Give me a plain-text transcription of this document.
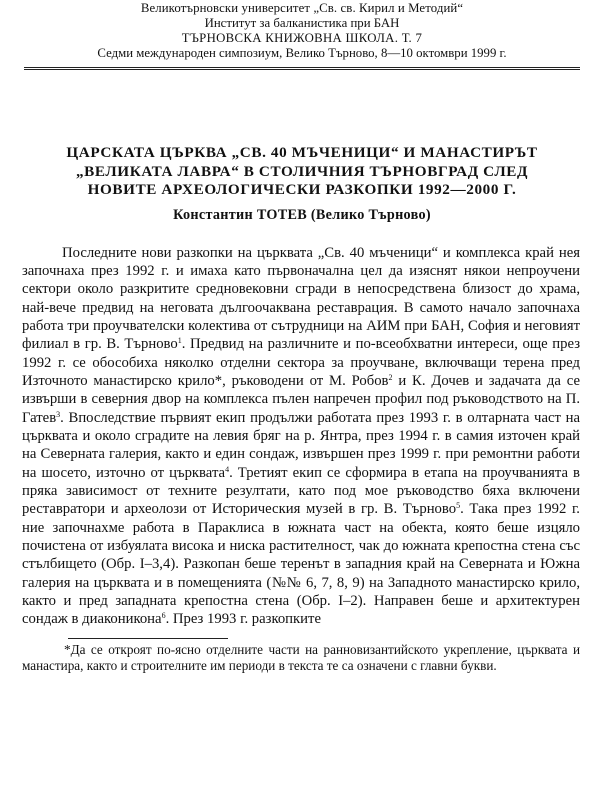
Великотърновски университет „Св. св. Кирил и Методий“
Институт за балканистика при БАН
ТЪРНОВСКА КНИЖОВНА ШКОЛА. Т. 7
Седми международен симпозиум, Велико Търново, 8—10 октомври 1999 г.
ЦАРСКАТА ЦЪРКВА „СВ. 40 МЪЧЕНИЦИ“ И МАНАСТИРЪТ
„ВЕЛИКАТА ЛАВРА“ В СТОЛИЧНИЯ ТЪРНОВГРАД СЛЕД
НОВИТЕ АРХЕОЛОГИЧЕСКИ РАЗКОПКИ 1992—2000 Г.
Константин ТОТЕВ (Велико Търново)
Последните нови разкопки на църквата „Св. 40 мъченици“ и комплекса край нея започнаха през 1992 г. и имаха като първоначална цел да изяснят някои непроучени сектори около разкритите средновековни сгради в непосредствена близост до храма, най-вече предвид на неговата дългоочаквана реставрация. В самото начало започнаха работа три проучвателски колектива от сътрудници на АИМ при БАН, София и неговият филиал в гр. В. Търново$^1$. Предвид на различните и по-всеобхватни интереси, още през 1992 г. се обособиха няколко отделни сектора за проучване, включващи терена пред Източното манастирско крило*, ръководени от М. Робов$^2$ и К. Дочев и задачата да се извърши в северния двор на комплекса пълен напречен профил под ръководството на П. Гатев$^3$. Впоследствие първият екип продължи работата през 1993 г. в олтарната част на църквата и около сградите на левия бряг на р. Янтра, през 1994 г. в самия източен край на Северната галерия, както и един сондаж, извършен през 1999 г. при ремонтни работи на шосето, източно от църквата$^4$. Третият екип се сформира в етапа на проучванията в пряка зависимост от техните резултати, като под мое ръководство бяха включени реставратори и археолози от Историческия музей в гр. В. Търново$^5$. Така през 1992 г. ние започнахме работа в Параклиса в южната част на обекта, която беше изцяло почистена от избуялата висока и ниска растителност, чак до южната крепостна стена със стълбището (Обр. I–3,4). Разкопан беше теренът в западния край на Северната и Южна галерия на църквата и в помещенията (№№ 6, 7, 8, 9) на Западното манастирско крило, както и пред западната крепостна стена (Обр. I–2). Направен беше и архитектурен сондаж в диаконикона$^6$. През 1993 г. разкопките
*Да се откроят по-ясно отделните части на ранновизантийското укрепление, църквата и манастира, както и строителните им периоди в текста те са означени с главни букви.
